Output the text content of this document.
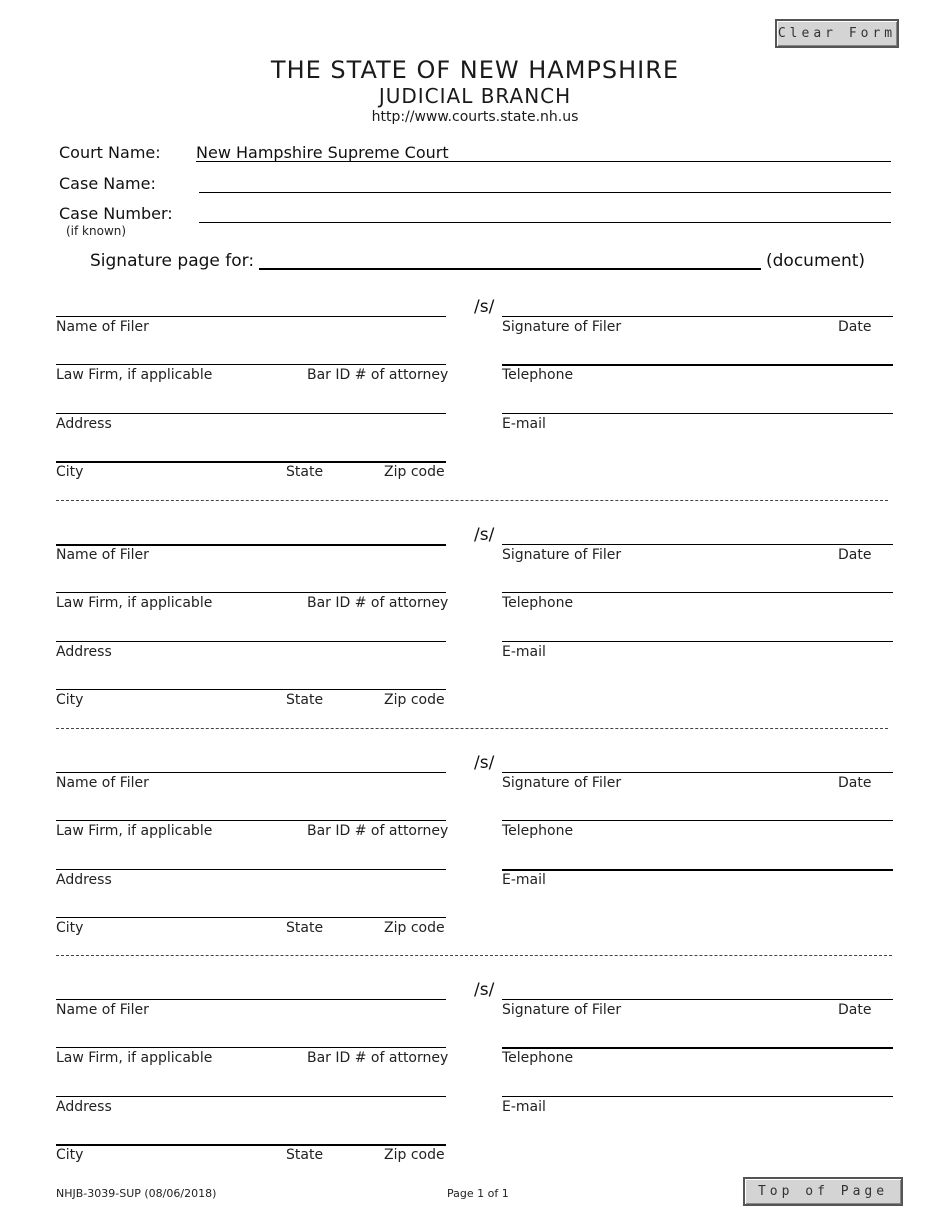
Clear Form
THE STATE OF NEW HAMPSHIRE
JUDICIAL BRANCH
http://www.courts.state.nh.us
Court Name: New Hampshire Supreme Court
Case Name:
Case Number:
(if known)
Signature page for:	(document)
/s/
Name of Filer	Signature of Filer	Date
Law Firm, if applicable	Bar ID # of attorney	Telephone
Address	E-mail
City	State	Zip code
/s/
Name of Filer	Signature of Filer	Date
Law Firm, if applicable	Bar ID # of attorney	Telephone
Address	E-mail
City	State	Zip code
/s/
Name of Filer	Signature of Filer	Date
Law Firm, if applicable	Bar ID # of attorney	Telephone
Address	E-mail
City	State	Zip code
/s/
Name of Filer	Signature of Filer	Date
Law Firm, if applicable	Bar ID # of attorney	Telephone
Address	E-mail
City	State	Zip code
NHJB-3039-SUP (08/06/2018)	Page 1 of 1	Top of Page
